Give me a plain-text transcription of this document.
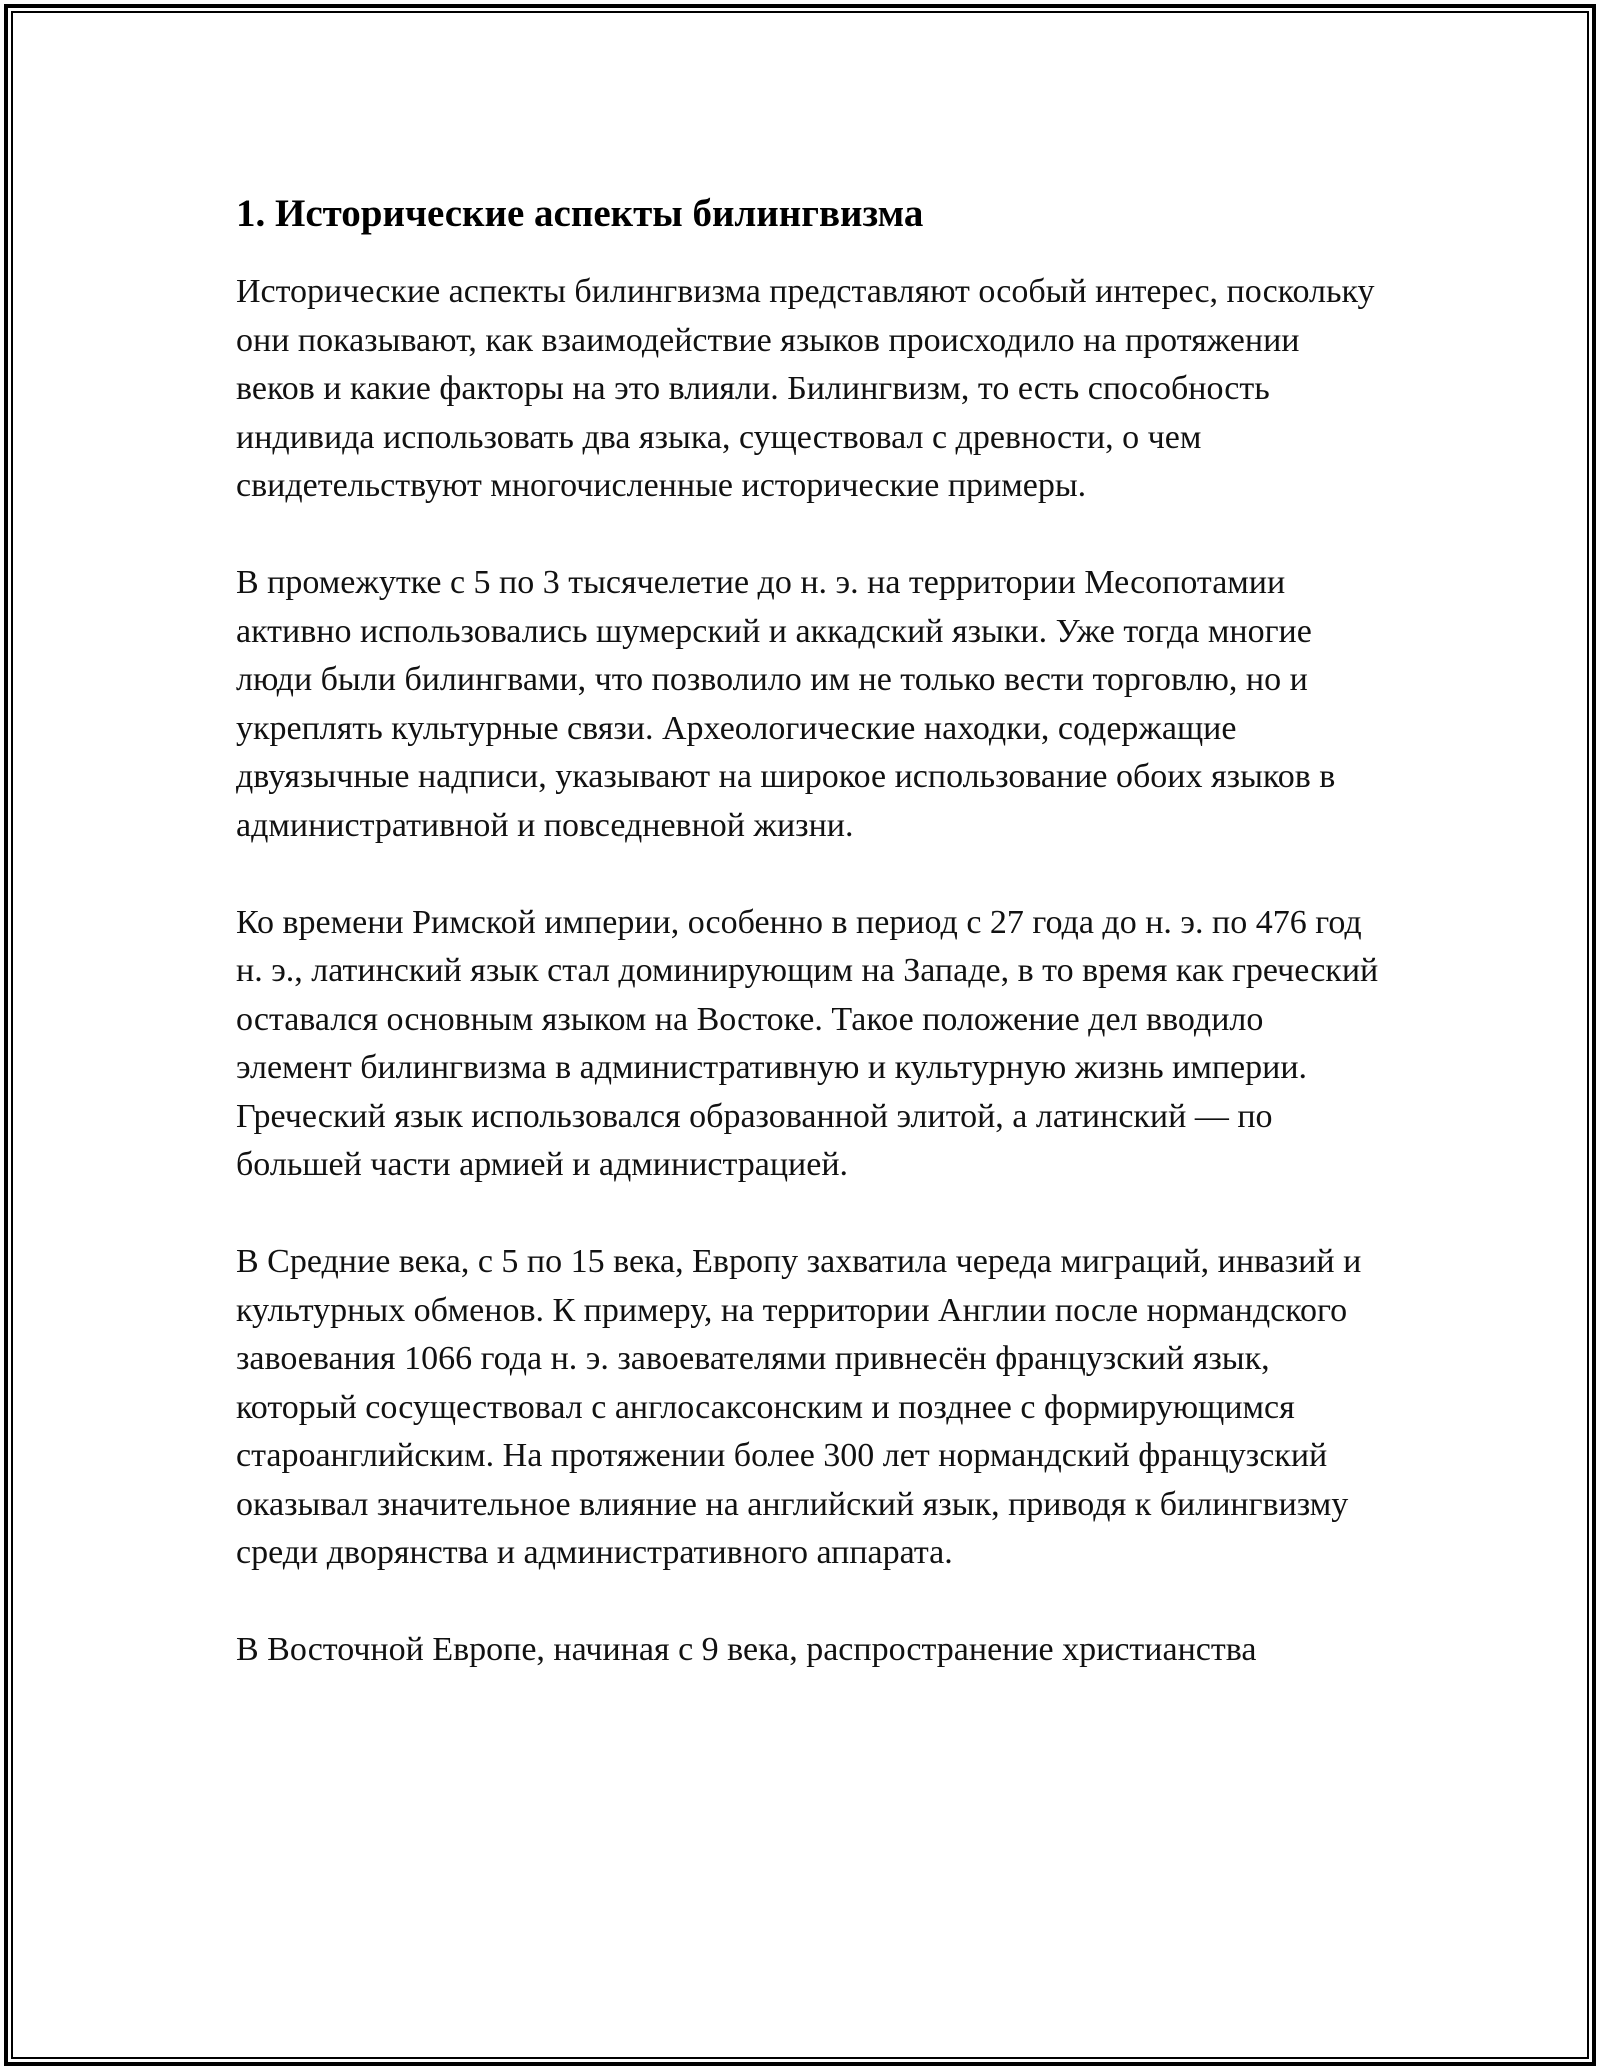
1. Исторические аспекты билингвизма

Исторические аспекты билингвизма представляют особый интерес, поскольку они показывают, как взаимодействие языков происходило на протяжении веков и какие факторы на это влияли. Билингвизм, то есть способность индивида использовать два языка, существовал с древности, о чем свидетельствуют многочисленные исторические примеры.

В промежутке с 5 по 3 тысячелетие до н. э. на территории Месопотамии активно использовались шумерский и аккадский языки. Уже тогда многие люди были билингвами, что позволило им не только вести торговлю, но и укреплять культурные связи. Археологические находки, содержащие двуязычные надписи, указывают на широкое использование обоих языков в административной и повседневной жизни.

Ко времени Римской империи, особенно в период с 27 года до н. э. по 476 год н. э., латинский язык стал доминирующим на Западе, в то время как греческий оставался основным языком на Востоке. Такое положение дел вводило элемент билингвизма в административную и культурную жизнь империи. Греческий язык использовался образованной элитой, а латинский — по большей части армией и администрацией.

В Средние века, с 5 по 15 века, Европу захватила череда миграций, инвазий и культурных обменов. К примеру, на территории Англии после нормандского завоевания 1066 года н. э. завоевателями привнесён французский язык, который сосуществовал с англосаксонским и позднее с формирующимся староанглийским. На протяжении более 300 лет нормандский французский оказывал значительное влияние на английский язык, приводя к билингвизму среди дворянства и административного аппарата.

В Восточной Европе, начиная с 9 века, распространение христианства
